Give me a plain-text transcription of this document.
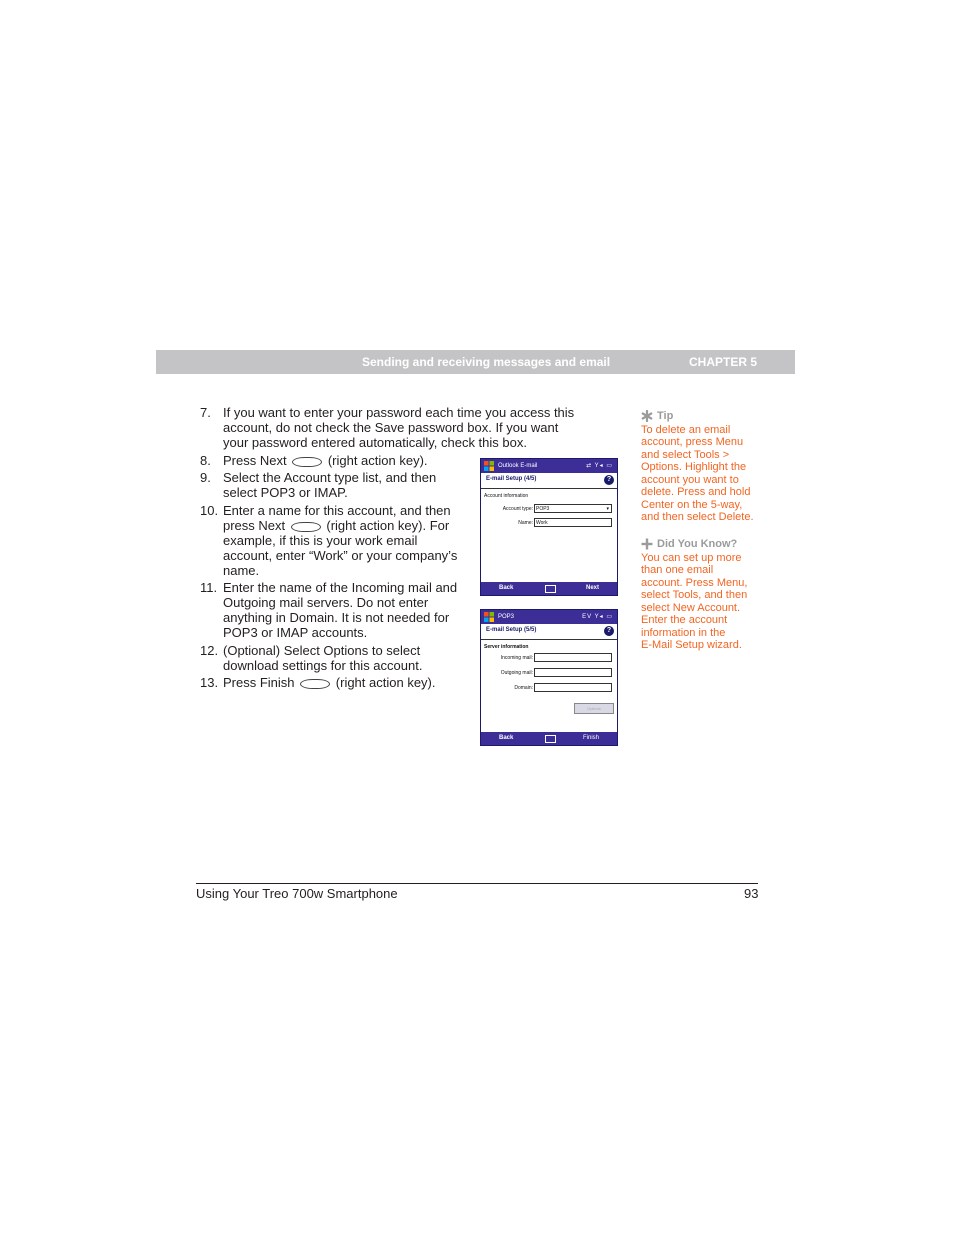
Sending and receiving messages and email	CHAPTER 5
7. If you want to enter your password each time you access this
account, do not check the Save password box. If you want
your password entered automatically, check this box.
8. Press Next	(right action key).
9. Select the Account type list, and then
select POP3 or IMAP.
10. Enter a name for this account, and then
press Next	(right action key). For
example, if this is your work email
account, enter “Work” or your company’s
name.
11. Enter the name of the Incoming mail and
Outgoing mail servers. Do not enter
anything in Domain. It is not needed for
POP3 or IMAP accounts.
12. (Optional) Select Options to select
download settings for this account.
13. Press Finish	(right action key).
Outlook E-mail	⇄ Y◂ ▭
E-mail Setup (4/5)	?
Account information
Account type: POP3	▾
Name: Work
Back	Next
POP3	EV Y◂ ▭
E-mail Setup (5/5)	?
Server information
Incoming mail:
Outgoing mail:
Domain:
Options
Back	Finish
Tip
To delete an email
account, press Menu
and select Tools >
Options. Highlight the
account you want to
delete. Press and hold
Center on the 5-way,
and then select Delete.
Did You Know?
You can set up more
than one email
account. Press Menu,
select Tools, and then
select New Account.
Enter the account
information in the
E-Mail Setup wizard.
Using Your Treo 700w Smartphone	93
